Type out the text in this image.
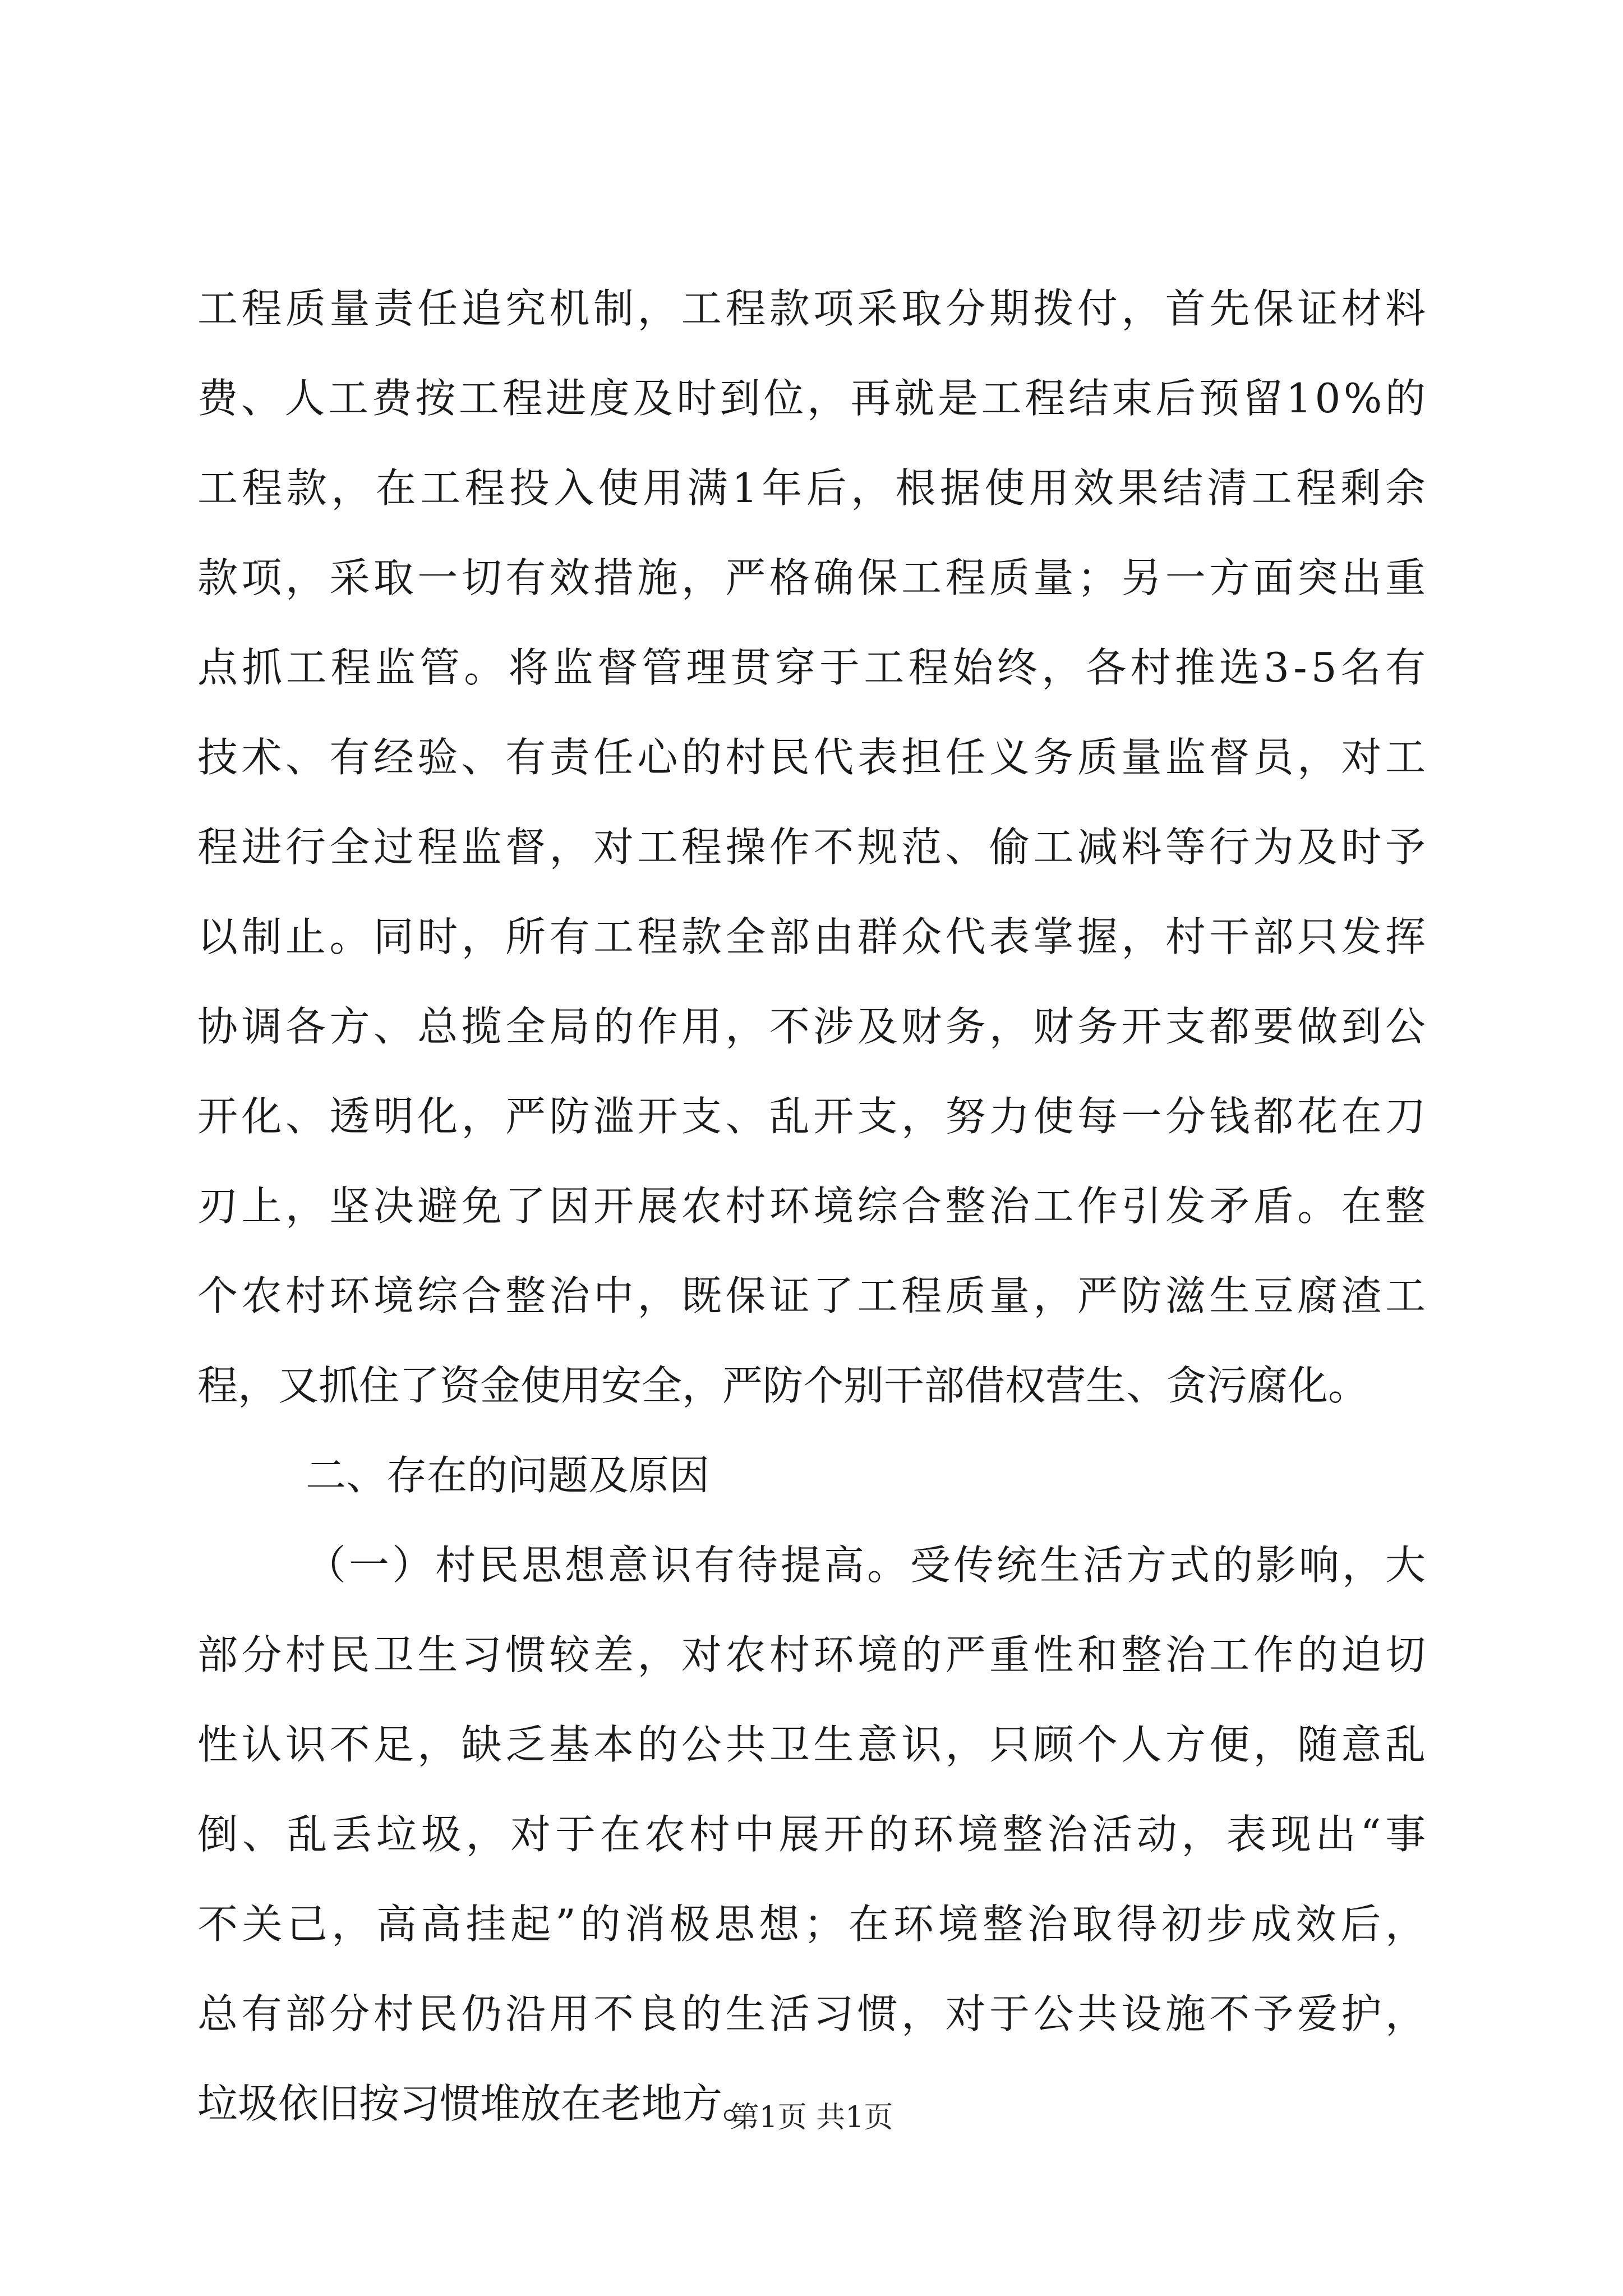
工程质量责任追究机制，工程款项采取分期拨付，首先保证材料
费、人工费按工程进度及时到位，再就是工程结束后预留10%的
工程款，在工程投入使用满1年后，根据使用效果结清工程剩余
款项，采取一切有效措施，严格确保工程质量；另一方面突出重
点抓工程监管。将监督管理贯穿于工程始终，各村推选3-5名有
技术、有经验、有责任心的村民代表担任义务质量监督员，对工
程进行全过程监督，对工程操作不规范、偷工减料等行为及时予
以制止。同时，所有工程款全部由群众代表掌握，村干部只发挥
协调各方、总揽全局的作用，不涉及财务，财务开支都要做到公
开化、透明化，严防滥开支、乱开支，努力使每一分钱都花在刀
刃上，坚决避免了因开展农村环境综合整治工作引发矛盾。在整
个农村环境综合整治中，既保证了工程质量，严防滋生豆腐渣工
程，又抓住了资金使用安全，严防个别干部借权营生、贪污腐化。
二、存在的问题及原因
（一）村民思想意识有待提高。受传统生活方式的影响，大
部分村民卫生习惯较差，对农村环境的严重性和整治工作的迫切
性认识不足，缺乏基本的公共卫生意识，只顾个人方便，随意乱
倒、乱丢垃圾，对于在农村中展开的环境整治活动，表现出“事
不关己，高高挂起”的消极思想；在环境整治取得初步成效后，
总有部分村民仍沿用不良的生活习惯，对于公共设施不予爱护，
垃圾依旧按习惯堆放在老地方。
第1页 共1页
